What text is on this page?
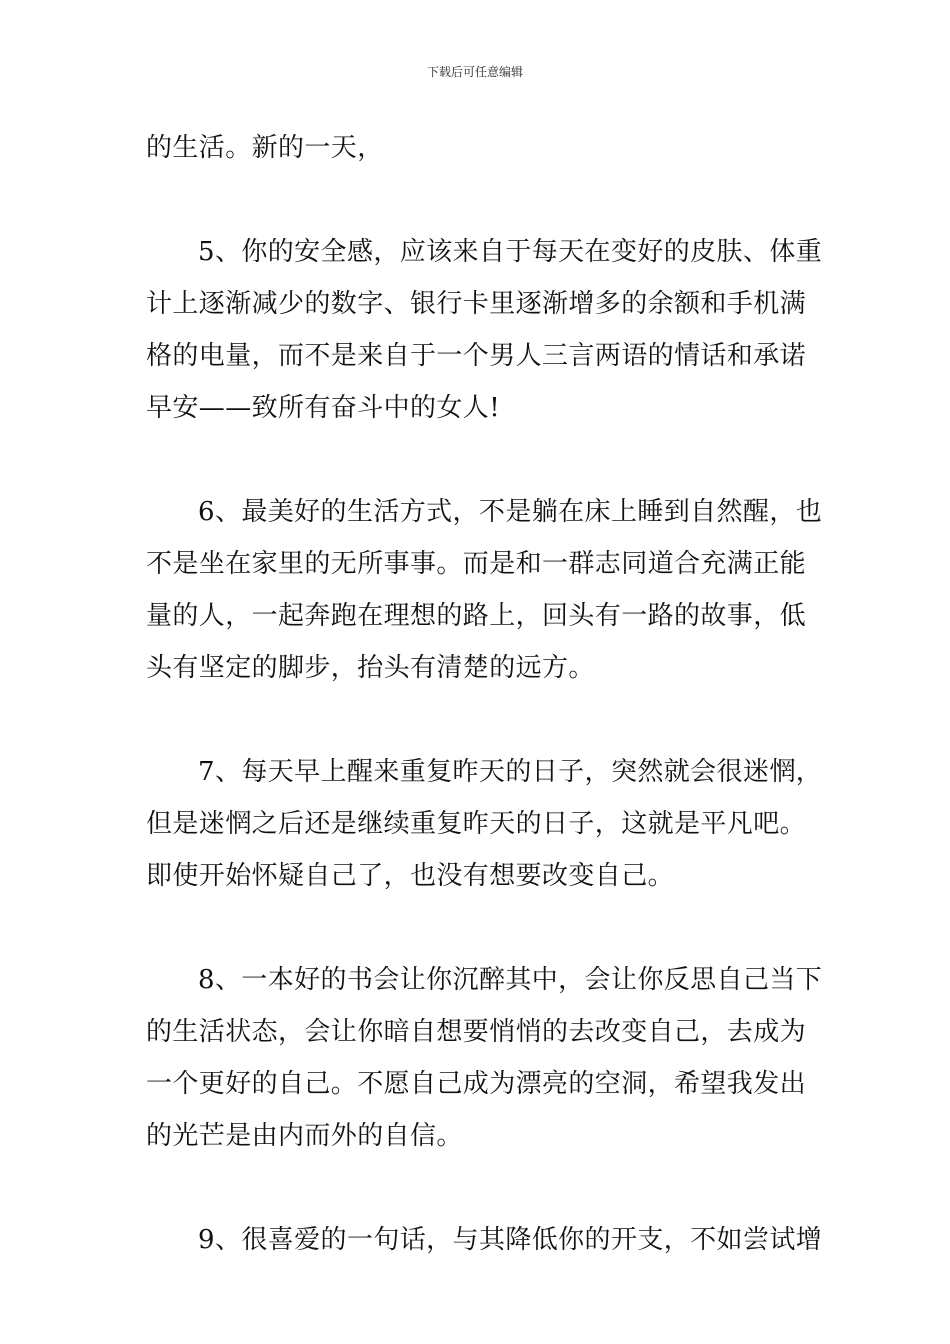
下载后可任意编辑
的生活。新的一天，
5、你的安全感，应该来自于每天在变好的皮肤、体重
计上逐渐减少的数字、银行卡里逐渐增多的余额和手机满
格的电量，而不是来自于一个男人三言两语的情话和承诺
早安——致所有奋斗中的女人!
6、最美好的生活方式，不是躺在床上睡到自然醒，也
不是坐在家里的无所事事。而是和一群志同道合充满正能
量的人，一起奔跑在理想的路上，回头有一路的故事，低
头有坚定的脚步，抬头有清楚的远方。
7、每天早上醒来重复昨天的日子，突然就会很迷惘，
但是迷惘之后还是继续重复昨天的日子，这就是平凡吧。
即使开始怀疑自己了，也没有想要改变自己。
8、一本好的书会让你沉醉其中，会让你反思自己当下
的生活状态，会让你暗自想要悄悄的去改变自己，去成为
一个更好的自己。不愿自己成为漂亮的空洞，希望我发出
的光芒是由内而外的自信。
9、很喜爱的一句话，与其降低你的开支，不如尝试增
